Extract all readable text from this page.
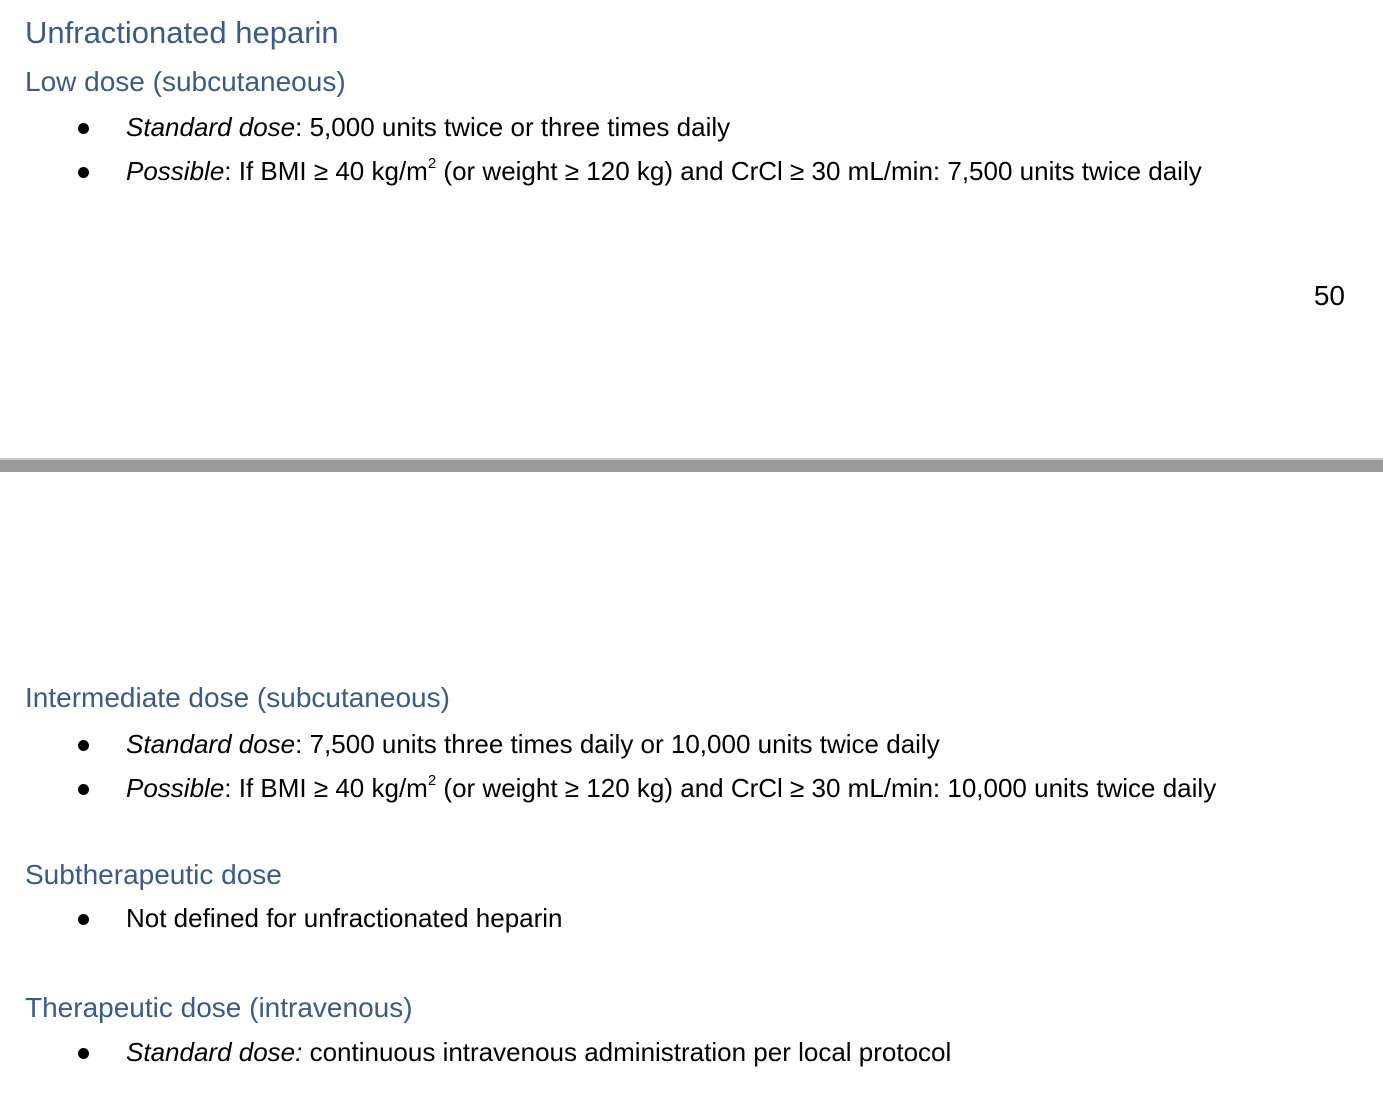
Unfractionated heparin
Low dose (subcutaneous)
Standard dose: 5,000 units twice or three times daily
Possible: If BMI ≥ 40 $kg/m^2$ (or weight ≥ 120 kg) and CrCl ≥ 30 mL/min: 7,500 units twice daily

50

Intermediate dose (subcutaneous)
Standard dose: 7,500 units three times daily or 10,000 units twice daily
Possible: If BMI ≥ 40 $kg/m^2$ (or weight ≥ 120 kg) and CrCl ≥ 30 mL/min: 10,000 units twice daily
Subtherapeutic dose
Not defined for unfractionated heparin
Therapeutic dose (intravenous)
Standard dose: continuous intravenous administration per local protocol
